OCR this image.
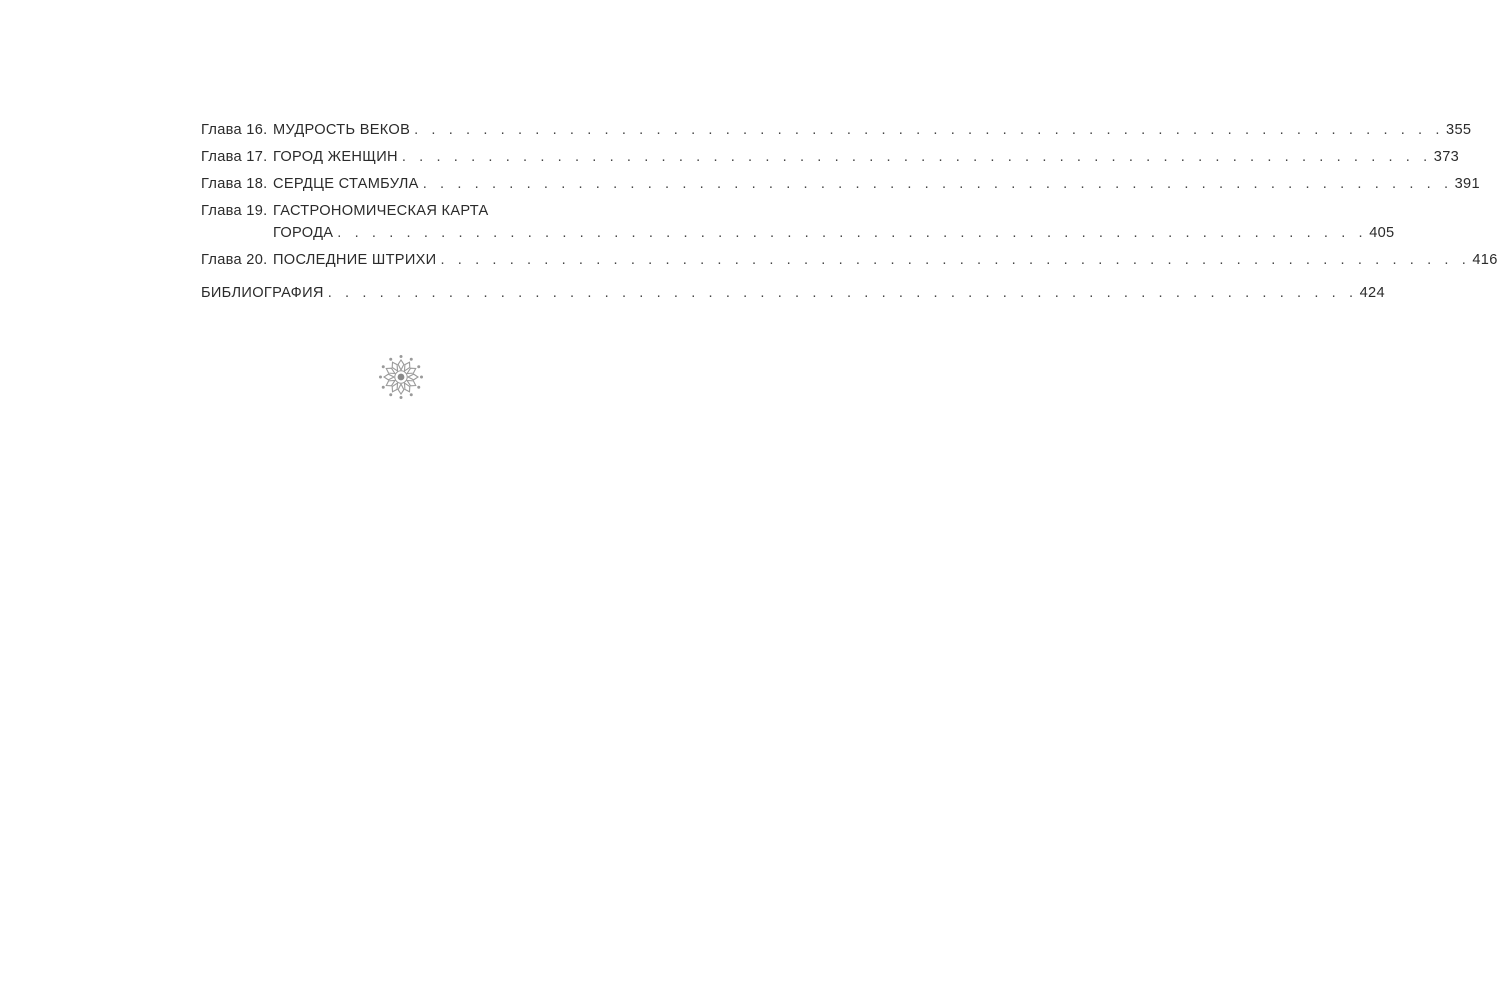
Глава 16. МУДРОСТЬ ВЕКОВ . . .	355
Глава 17. ГОРОД ЖЕНЩИН . . .	373
Глава 18. СЕРДЦЕ СТАМБУЛА . . .	391
Глава 19. ГАСТРОНОМИЧЕСКАЯ КАРТА
ГОРОДА . . .	405
Глава 20. ПОСЛЕДНИЕ ШТРИХИ . . .	416
БИБЛИОГРАФИЯ . . .	424
